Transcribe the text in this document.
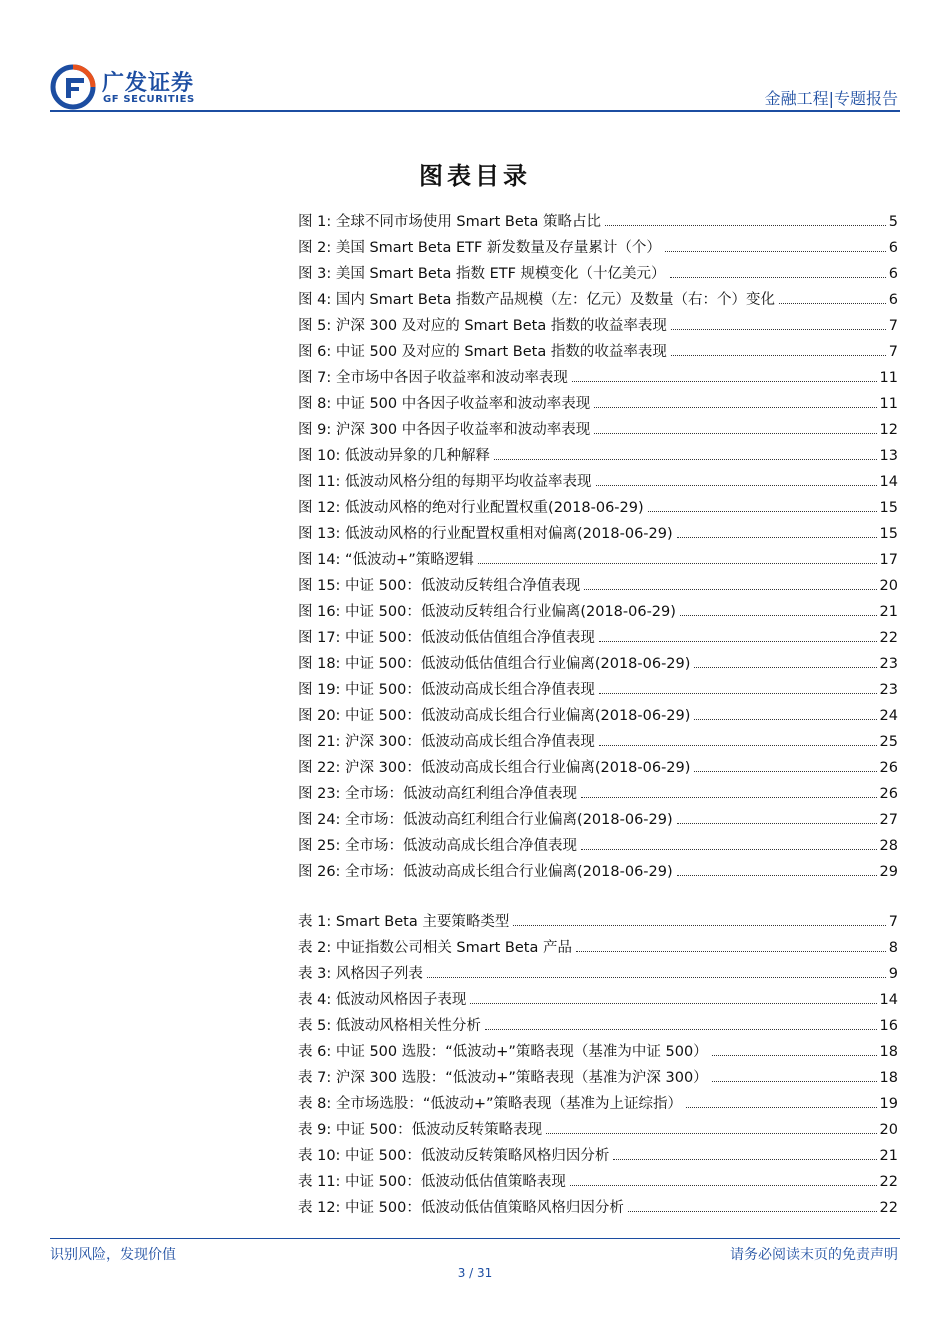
广发证券
GF SECURITIES	金融工程|专题报告
图表目录
图 1: 全球不同市场使用 Smart Beta 策略占比	5
图 2: 美国 Smart Beta ETF 新发数量及存量累计（个）	6
图 3: 美国 Smart Beta 指数 ETF 规模变化（十亿美元）	6
图 4: 国内 Smart Beta 指数产品规模（左：亿元）及数量（右：个）变化	6
图 5: 沪深 300 及对应的 Smart Beta 指数的收益率表现	7
图 6: 中证 500 及对应的 Smart Beta 指数的收益率表现	7
图 7: 全市场中各因子收益率和波动率表现	11
图 8: 中证 500 中各因子收益率和波动率表现	11
图 9: 沪深 300 中各因子收益率和波动率表现	12
图 10: 低波动异象的几种解释	13
图 11: 低波动风格分组的每期平均收益率表现	14
图 12: 低波动风格的绝对行业配置权重(2018-06-29)	15
图 13: 低波动风格的行业配置权重相对偏离(2018-06-29)	15
图 14: “低波动+”策略逻辑	17
图 15: 中证 500：低波动反转组合净值表现	20
图 16: 中证 500：低波动反转组合行业偏离(2018-06-29)	21
图 17: 中证 500：低波动低估值组合净值表现	22
图 18: 中证 500：低波动低估值组合行业偏离(2018-06-29)	23
图 19: 中证 500：低波动高成长组合净值表现	23
图 20: 中证 500：低波动高成长组合行业偏离(2018-06-29)	24
图 21: 沪深 300：低波动高成长组合净值表现	25
图 22: 沪深 300：低波动高成长组合行业偏离(2018-06-29)	26
图 23: 全市场：低波动高红利组合净值表现	26
图 24: 全市场：低波动高红利组合行业偏离(2018-06-29)	27
图 25: 全市场：低波动高成长组合净值表现	28
图 26: 全市场：低波动高成长组合行业偏离(2018-06-29)	29
表 1: Smart Beta 主要策略类型	7
表 2: 中证指数公司相关 Smart Beta 产品	8
表 3: 风格因子列表	9
表 4: 低波动风格因子表现	14
表 5: 低波动风格相关性分析	16
表 6: 中证 500 选股：“低波动+”策略表现（基准为中证 500）	18
表 7: 沪深 300 选股：“低波动+”策略表现（基准为沪深 300）	18
表 8: 全市场选股：“低波动+”策略表现（基准为上证综指）	19
表 9: 中证 500：低波动反转策略表现	20
表 10: 中证 500：低波动反转策略风格归因分析	21
表 11: 中证 500：低波动低估值策略表现	22
表 12: 中证 500：低波动低估值策略风格归因分析	22
识别风险，发现价值	请务必阅读末页的免责声明
3 / 31
